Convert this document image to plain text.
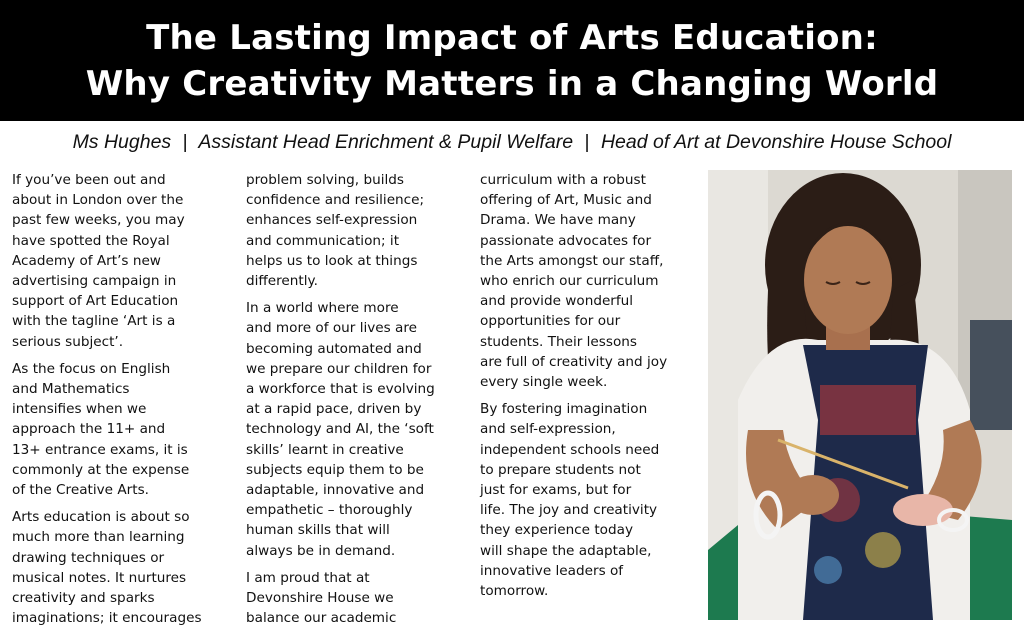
The Lasting Impact of Arts Education:
Why Creativity Matters in a Changing World
Ms Hughes | Assistant Head Enrichment & Pupil Welfare | Head of Art at Devonshire House School

If you’ve been out and
about in London over the
past few weeks, you may
have spotted the Royal
Academy of Art’s new
advertising campaign in
support of Art Education
with the tagline ‘Art is a
serious subject’.

As the focus on English
and Mathematics
intensifies when we
approach the 11+ and
13+ entrance exams, it is
commonly at the expense
of the Creative Arts.

Arts education is about so
much more than learning
drawing techniques or
musical notes. It nurtures
creativity and sparks
imaginations; it encourages

problem solving, builds
confidence and resilience;
enhances self-expression
and communication; it
helps us to look at things
differently.

In a world where more
and more of our lives are
becoming automated and
we prepare our children for
a workforce that is evolving
at a rapid pace, driven by
technology and AI, the ‘soft
skills’ learnt in creative
subjects equip them to be
adaptable, innovative and
empathetic – thoroughly
human skills that will
always be in demand.

I am proud that at
Devonshire House we
balance our academic

curriculum with a robust
offering of Art, Music and
Drama. We have many
passionate advocates for
the Arts amongst our staff,
who enrich our curriculum
and provide wonderful
opportunities for our
students. Their lessons
are full of creativity and joy
every single week.

By fostering imagination
and self-expression,
independent schools need
to prepare students not
just for exams, but for
life. The joy and creativity
they experience today
will shape the adaptable,
innovative leaders of
tomorrow.
